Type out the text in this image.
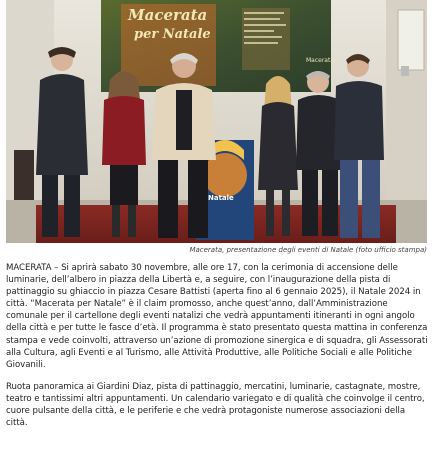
Macerata
per Natale
Macerata
Natale
Macerata, presentazione degli eventi di Natale (foto ufficio stampa)

MACERATA – Si aprirà sabato 30 novembre, alle ore 17, con la cerimonia di accensione delle luminarie, dell’albero in piazza della Libertà e, a seguire, con l’inaugurazione della pista di pattinaggio su ghiaccio in piazza Cesare Battisti (aperta fino al 6 gennaio 2025), il Natale 2024 in città. “Macerata per Natale” è il claim promosso, anche quest’anno, dall’Amministrazione comunale per il cartellone degli eventi natalizi che vedrà appuntamenti itineranti in ogni angolo della città e per tutte le fasce d’età. Il programma è stato presentato questa mattina in conferenza stampa e vede coinvolti, attraverso un’azione di promozione sinergica e di squadra, gli Assessorati alla Cultura, agli Eventi e al Turismo, alle Attività Produttive, alle Politiche Sociali e alle Politiche Giovanili.

Ruota panoramica ai Giardini Diaz, pista di pattinaggio, mercatini, luminarie, castagnate, mostre, teatro e tantissimi altri appuntamenti. Un calendario variegato e di qualità che coinvolge il centro, cuore pulsante della città, e le periferie e che vedrà protagoniste numerose associazioni della città.
